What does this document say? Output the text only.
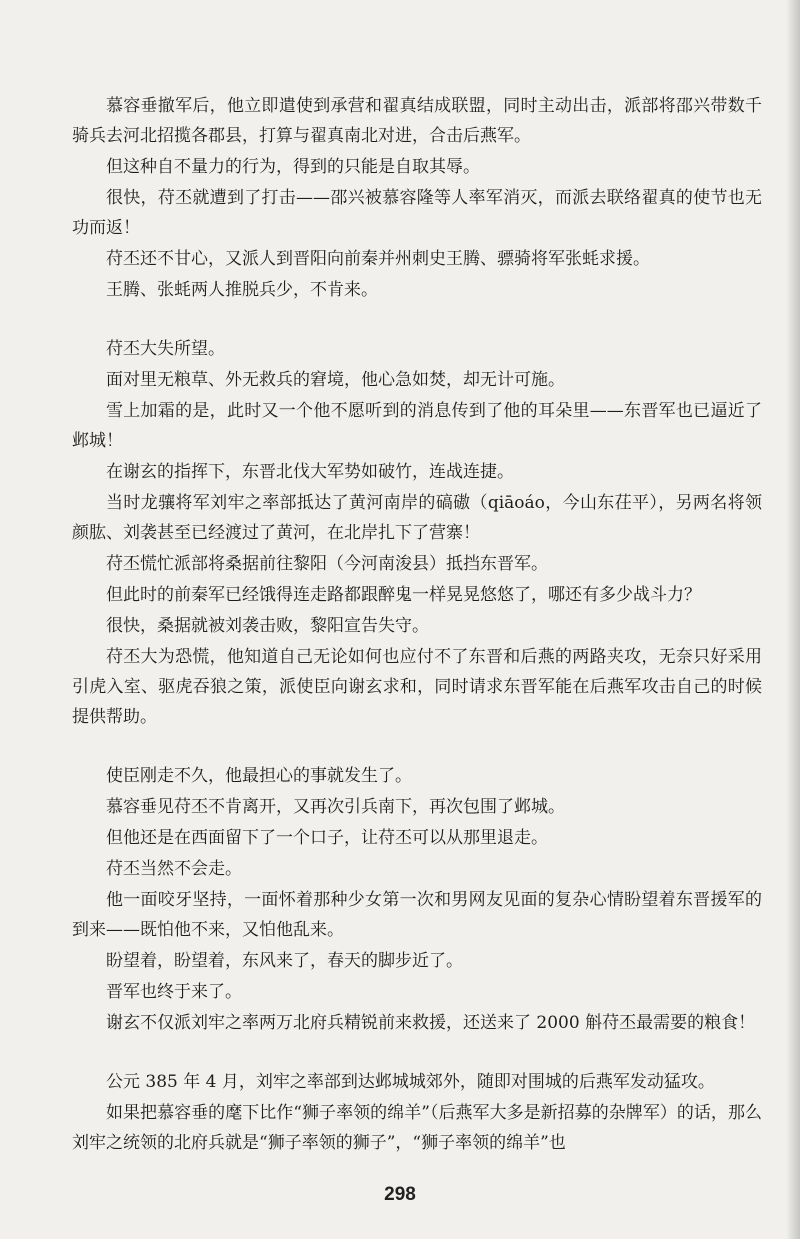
慕容垂撤军后，他立即遣使到承营和翟真结成联盟，同时主动出击，派部将邵兴带数千骑兵去河北招揽各郡县，打算与翟真南北对进，合击后燕军。

但这种自不量力的行为，得到的只能是自取其辱。

很快，苻丕就遭到了打击——邵兴被慕容隆等人率军消灭，而派去联络翟真的使节也无功而返！

苻丕还不甘心，又派人到晋阳向前秦并州刺史王腾、骠骑将军张蚝求援。

王腾、张蚝两人推脱兵少，不肯来。

苻丕大失所望。

面对里无粮草、外无救兵的窘境，他心急如焚，却无计可施。

雪上加霜的是，此时又一个他不愿听到的消息传到了他的耳朵里——东晋军也已逼近了邺城！

在谢玄的指挥下，东晋北伐大军势如破竹，连战连捷。

当时龙骧将军刘牢之率部抵达了黄河南岸的碻磝（qiāoáo，今山东茌平），另两名将领颜肱、刘袭甚至已经渡过了黄河，在北岸扎下了营寨！

苻丕慌忙派部将桑据前往黎阳（今河南浚县）抵挡东晋军。

但此时的前秦军已经饿得连走路都跟醉鬼一样晃晃悠悠了，哪还有多少战斗力？

很快，桑据就被刘袭击败，黎阳宣告失守。

苻丕大为恐慌，他知道自己无论如何也应付不了东晋和后燕的两路夹攻，无奈只好采用引虎入室、驱虎吞狼之策，派使臣向谢玄求和，同时请求东晋军能在后燕军攻击自己的时候提供帮助。

使臣刚走不久，他最担心的事就发生了。

慕容垂见苻丕不肯离开，又再次引兵南下，再次包围了邺城。

但他还是在西面留下了一个口子，让苻丕可以从那里退走。

苻丕当然不会走。

他一面咬牙坚持，一面怀着那种少女第一次和男网友见面的复杂心情盼望着东晋援军的到来——既怕他不来，又怕他乱来。

盼望着，盼望着，东风来了，春天的脚步近了。

晋军也终于来了。

谢玄不仅派刘牢之率两万北府兵精锐前来救援，还送来了 2000 斛苻丕最需要的粮食！

公元 385 年 4 月，刘牢之率部到达邺城城郊外，随即对围城的后燕军发动猛攻。

如果把慕容垂的麾下比作“狮子率领的绵羊”（后燕军大多是新招募的杂牌军）的话，那么刘牢之统领的北府兵就是“狮子率领的狮子”，“狮子率领的绵羊”也

298
